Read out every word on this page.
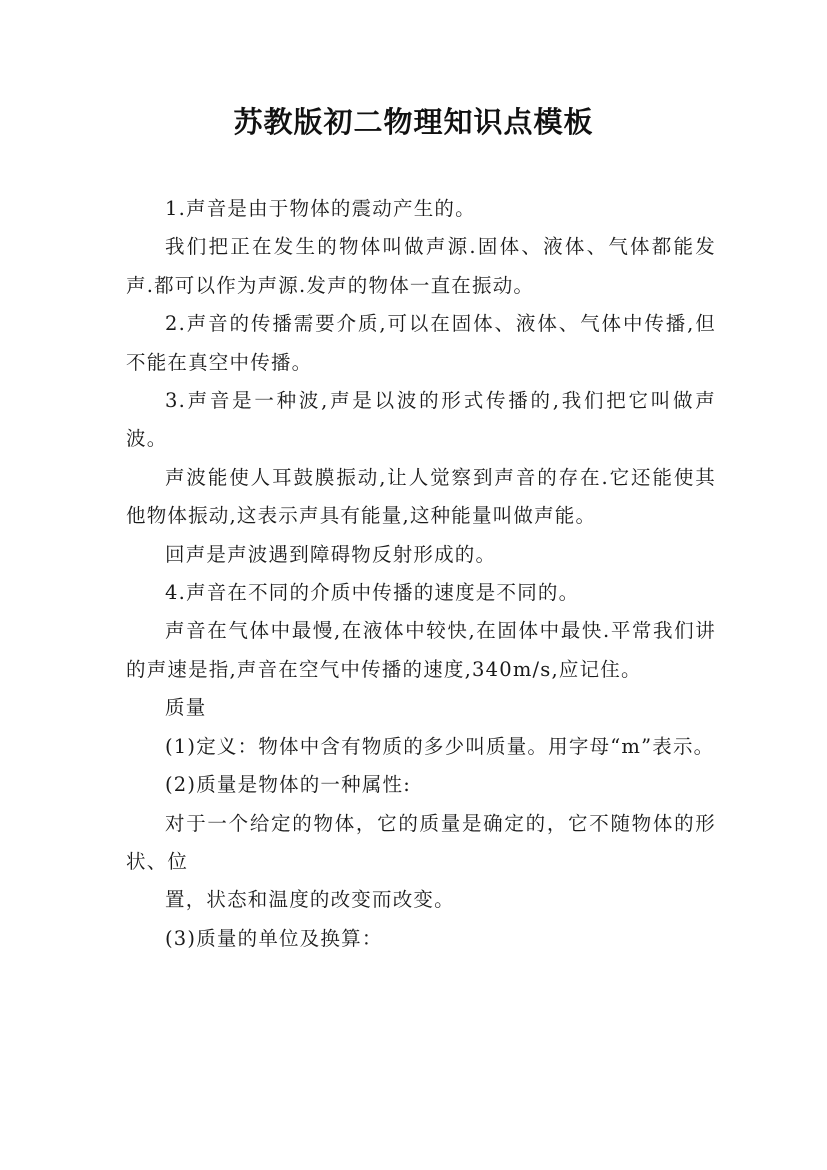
苏教版初二物理知识点模板

1.声音是由于物体的震动产生的。

我们把正在发生的物体叫做声源.固体、液体、气体都能发声.都可以作为声源.发声的物体一直在振动。

2.声音的传播需要介质,可以在固体、液体、气体中传播,但不能在真空中传播。

3.声音是一种波,声是以波的形式传播的,我们把它叫做声波。

声波能使人耳鼓膜振动,让人觉察到声音的存在.它还能使其他物体振动,这表示声具有能量,这种能量叫做声能。

回声是声波遇到障碍物反射形成的。

4.声音在不同的介质中传播的速度是不同的。

声音在气体中最慢,在液体中较快,在固体中最快.平常我们讲的声速是指,声音在空气中传播的速度,340m/s,应记住。

质量

(1)定义：物体中含有物质的多少叫质量。用字母“m”表示。

(2)质量是物体的一种属性:

对于一个给定的物体，它的质量是确定的，它不随物体的形状、位

置，状态和温度的改变而改变。

(3)质量的单位及换算：
